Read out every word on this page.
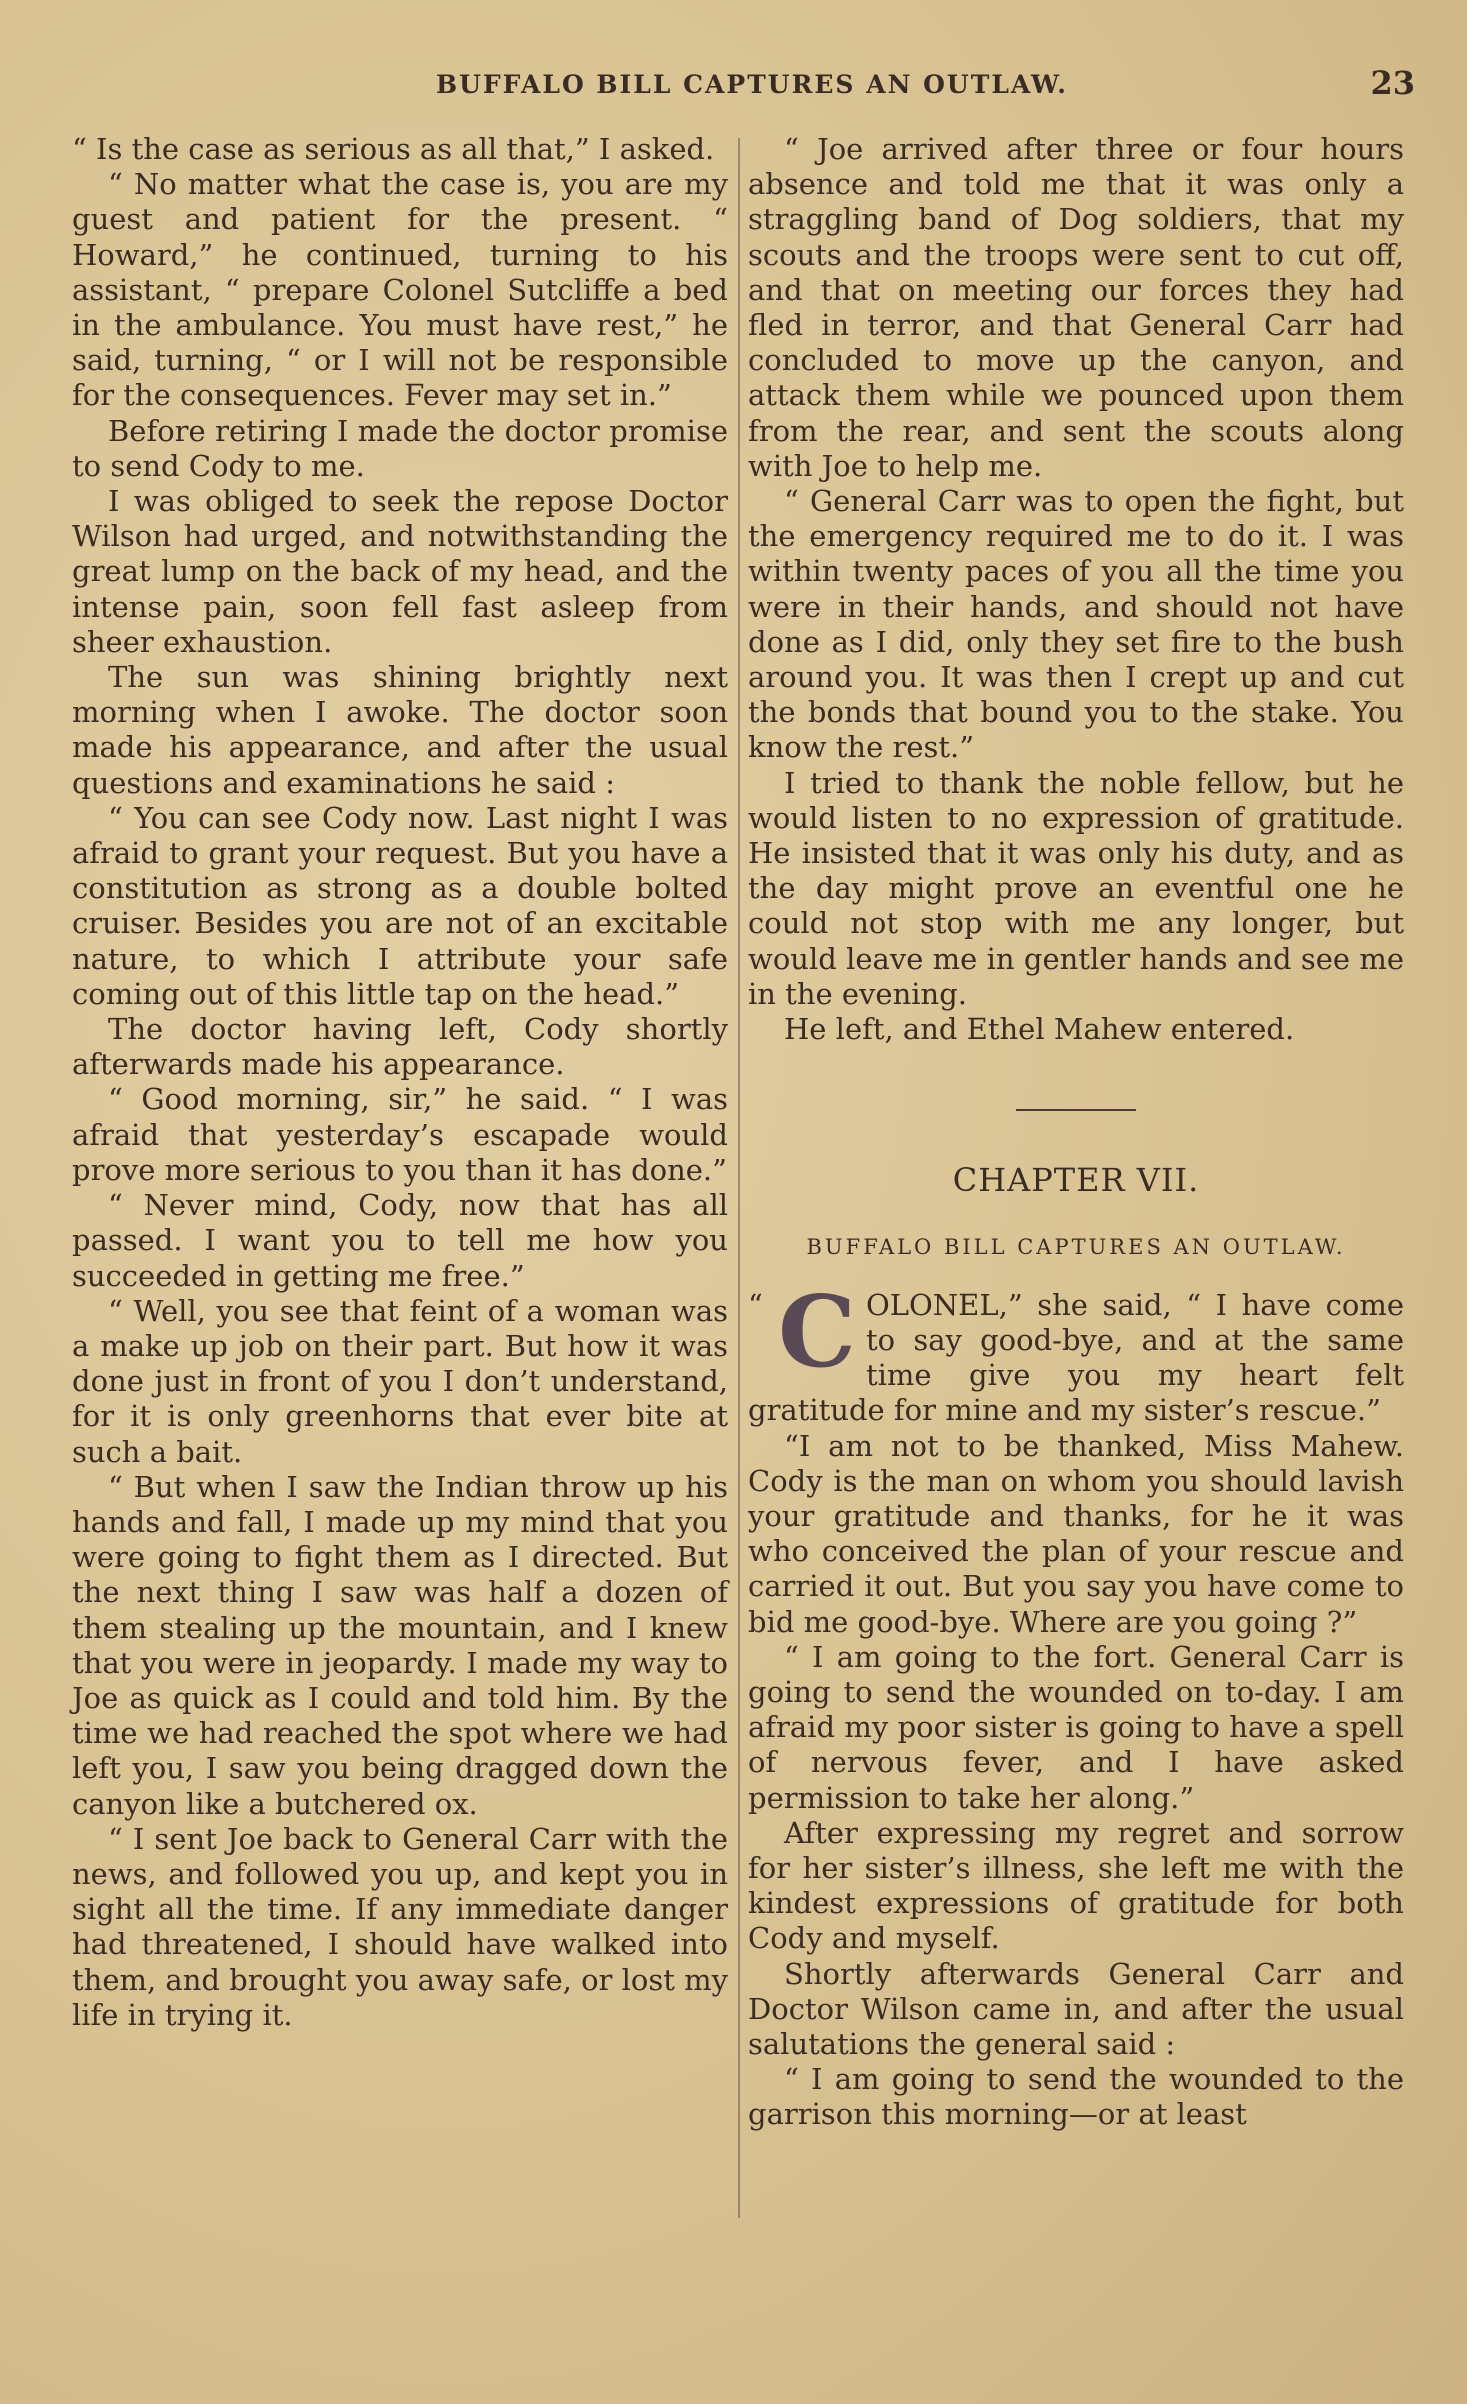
BUFFALO BILL CAPTURES AN OUTLAW.	23

“ Is the case as serious as all that,” I asked.

“ No matter what the case is, you are my guest and patient for the present. “ Howard,” he continued, turning to his assistant, “ prepare Colonel Sutcliffe a bed in the ambulance. You must have rest,” he said, turning, “ or I will not be responsible for the consequences. Fever may set in.”

Before retiring I made the doctor promise to send Cody to me.

I was obliged to seek the repose Doctor Wilson had urged, and notwithstanding the great lump on the back of my head, and the intense pain, soon fell fast asleep from sheer exhaustion.

The sun was shining brightly next morning when I awoke. The doctor soon made his appearance, and after the usual questions and examinations he said :

“ You can see Cody now. Last night I was afraid to grant your request. But you have a constitution as strong as a double bolted cruiser. Besides you are not of an excitable nature, to which I attribute your safe coming out of this little tap on the head.”

The doctor having left, Cody shortly afterwards made his appearance.

“ Good morning, sir,” he said. “ I was afraid that yesterday’s escapade would prove more serious to you than it has done.”

“ Never mind, Cody, now that has all passed. I want you to tell me how you succeeded in getting me free.”

“ Well, you see that feint of a woman was a make up job on their part. But how it was done just in front of you I don’t understand, for it is only greenhorns that ever bite at such a bait.

“ But when I saw the Indian throw up his hands and fall, I made up my mind that you were going to fight them as I directed. But the next thing I saw was half a dozen of them stealing up the mountain, and I knew that you were in jeopardy. I made my way to Joe as quick as I could and told him. By the time we had reached the spot where we had left you, I saw you being dragged down the canyon like a butchered ox.

“ I sent Joe back to General Carr with the news, and followed you up, and kept you in sight all the time. If any immediate danger had threatened, I should have walked into them, and brought you away safe, or lost my life in trying it.

“ Joe arrived after three or four hours absence and told me that it was only a straggling band of Dog soldiers, that my scouts and the troops were sent to cut off, and that on meeting our forces they had fled in terror, and that General Carr had concluded to move up the canyon, and attack them while we pounced upon them from the rear, and sent the scouts along with Joe to help me.

“ General Carr was to open the fight, but the emergency required me to do it. I was within twenty paces of you all the time you were in their hands, and should not have done as I did, only they set fire to the bush around you. It was then I crept up and cut the bonds that bound you to the stake. You know the rest.”

I tried to thank the noble fellow, but he would listen to no expression of gratitude. He insisted that it was only his duty, and as the day might prove an eventful one he could not stop with me any longer, but would leave me in gentler hands and see me in the evening.

He left, and Ethel Mahew entered.

CHAPTER VII.
BUFFALO BILL CAPTURES AN OUTLAW.

“ C OLONEL,” she said, “ I have come to say good-bye, and at the same time give you my heart felt gratitude for mine and my sister’s rescue.”

“I am not to be thanked, Miss Mahew. Cody is the man on whom you should lavish your gratitude and thanks, for he it was who conceived the plan of your rescue and carried it out. But you say you have come to bid me good-bye. Where are you going ?”

“ I am going to the fort. General Carr is going to send the wounded on to-day. I am afraid my poor sister is going to have a spell of nervous fever, and I have asked permission to take her along.”

After expressing my regret and sorrow for her sister’s illness, she left me with the kindest expressions of gratitude for both Cody and myself.

Shortly afterwards General Carr and Doctor Wilson came in, and after the usual salutations the general said :

“ I am going to send the wounded to the garrison this morning—or at least
